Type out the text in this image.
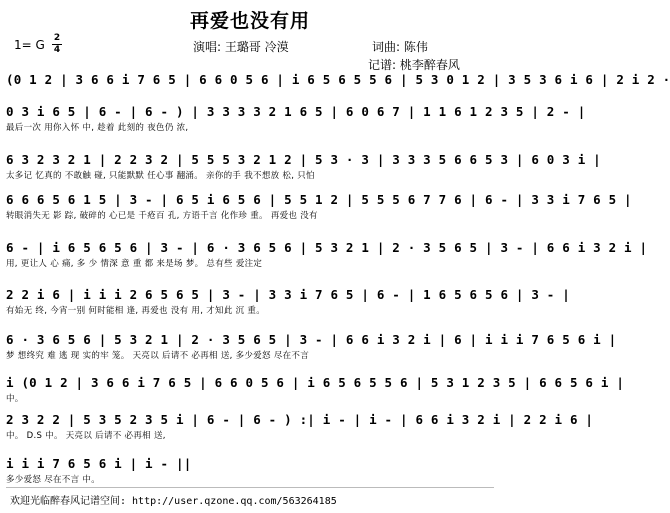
再爱也没有用
1= G 2
4	演唱: 王璐哥 冷漠	词曲: 陈伟
记谱: 桃李醉春风
(0 1 2 | 3 6 6 i 7 6 5 | 6 6 0 5 6 | i 6 5 6 5 5 6 | 5 3 0 1 2 | 3 5 3 6 i 6 | 2 i 2 ·
0 3 i 6 5 | 6 - | 6 - ) | 3 3 3 3 2 1 6 5 | 6 0 6 7 | 1 1 6 1 2 3 5 | 2 - |
最后一次 用你入怀 中, 趁着 此刻的 夜色仍 浓,
6 3 2 3 2 1 | 2 2 3 2 | 5 5 5 3 2 1 2 | 5 3 · 3 | 3 3 3 5 6 6 5 3 | 6 0 3 i |
太多记 忆真的 不敢触 碰, 只能默默 任心事 翻涌。 亲你的手 我不想放 松, 只怕
6 6 6 5 6 1 5 | 3 - | 6 5 i 6 5 6 | 5 5 1 2 | 5 5 5 6 7 7 6 | 6 - | 3 3 i 7 6 5 |
转眼消失无 影 踪, 破碎的 心已是 千疮百 孔, 方语千言 化作珍 重。 再爱也 没有
6 - | i 6 5 6 5 6 | 3 - | 6 · 3 6 5 6 | 5 3 2 1 | 2 · 3 5 6 5 | 3 - | 6 6 i 3 2 i |
用, 更让人 心 痛, 多 少 情深 意 重 都 来是场 梦。 总有些 爱注定
2 2 i 6 | i i i 2 6 5 6 5 | 3 - | 3 3 i 7 6 5 | 6 - | 1 6 5 6 5 6 | 3 - |
有始无 终, 今宵一别 何时能相 逢, 再爱也 没有 用, 才知此 沉 重。
6 · 3 6 5 6 | 5 3 2 1 | 2 · 3 5 6 5 | 3 - | 6 6 i 3 2 i | 6 | i i i 7 6 5 6 i |
梦 想终究 难 逃 现 实的牢 笼。 天亮以 后请不 必再相 送, 多少爱怒 尽在不言
i (0 1 2 | 3 6 6 i 7 6 5 | 6 6 0 5 6 | i 6 5 6 5 5 6 | 5 3 1 2 3 5 | 6 6 5 6 i |
中。
2 3 2 2 | 5 3 5 2 3 5 i | 6 - | 6 - ) :| i - | i - | 6 6 i 3 2 i | 2 2 i 6 |
中。 D.S 中。 天亮以 后请不 必再相 送,
i i i 7 6 5 6 i | i - ||
多少爱怒 尽在不言 中。
欢迎光临醉春风记谱空间: http://user.qzone.qq.com/563264185
